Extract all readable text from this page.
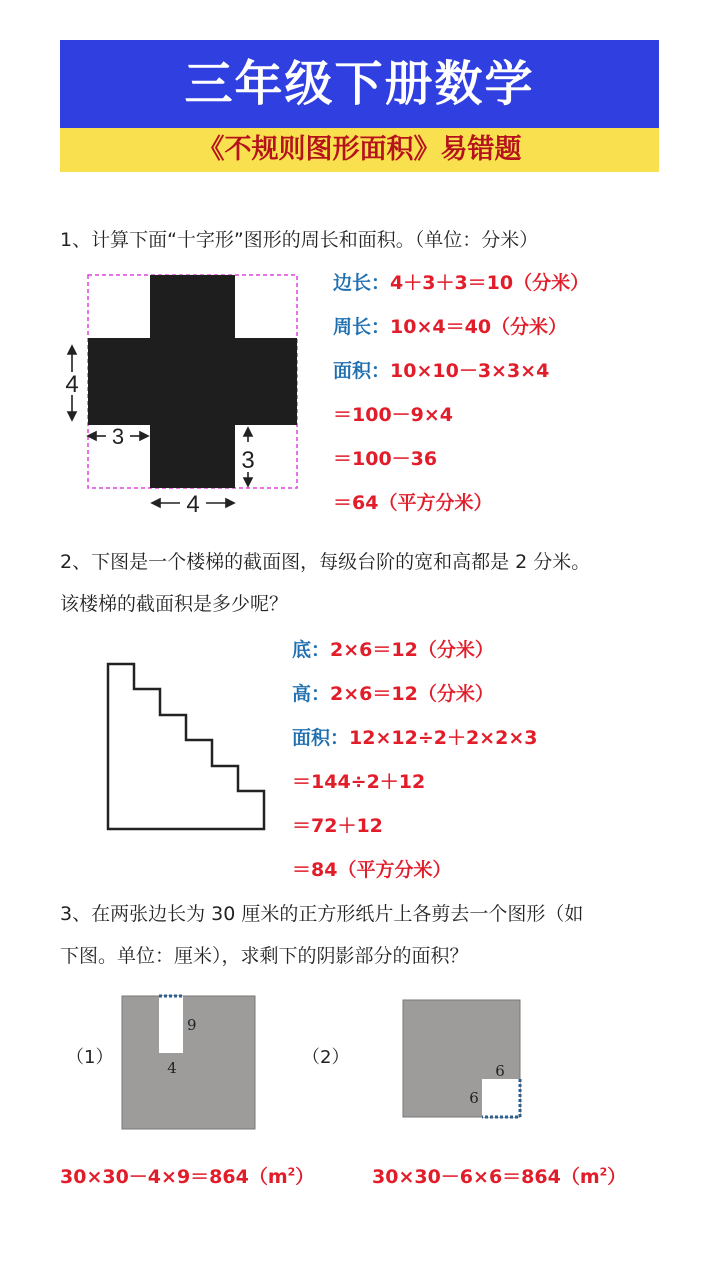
三年级下册数学
《不规则图形面积》易错题
1、计算下面“十字形”图形的周长和面积。（单位：分米）
4
3
3
4
边长：4＋3＋3＝10（分米）
周长：10×4＝40（分米）
面积：10×10－3×3×4
＝100－9×4
＝100－36
＝64（平方分米）
2、下图是一个楼梯的截面图，每级台阶的宽和高都是 2 分米。
该楼梯的截面积是多少呢？
底：2×6＝12（分米）
高：2×6＝12（分米）
面积：12×12÷2＋2×2×3
＝144÷2＋12
＝72＋12
＝84（平方分米）
3、在两张边长为 30 厘米的正方形纸片上各剪去一个图形（如
下图。单位：厘米），求剩下的阴影部分的面积？
（1）
9
4	（2）
6
6
$30\times 30-4\times 9=864(m^2)$	$30\times 30-6\times 6=864(m^2)$
